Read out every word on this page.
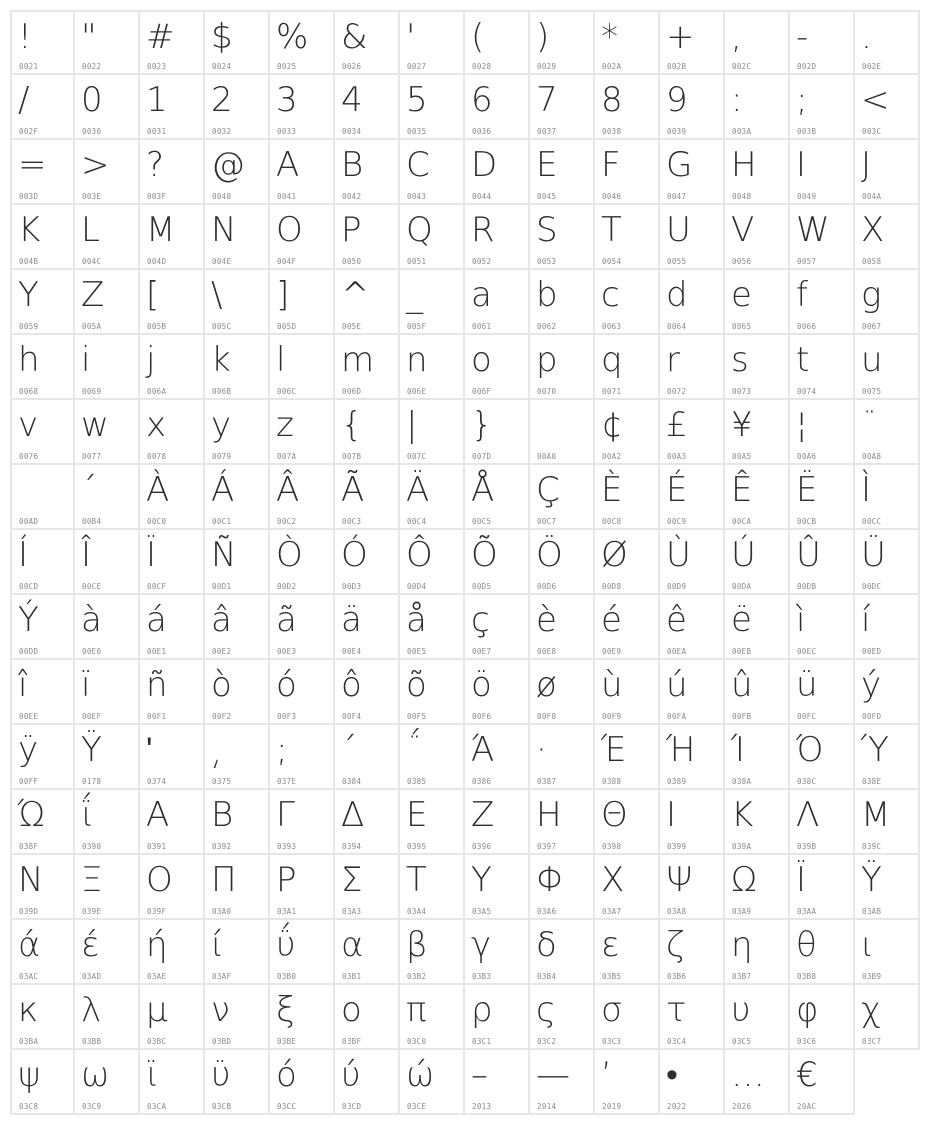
!
0021
"
0022
#
0023
$
0024
%
0025
&
0026
'
0027
(
0028
)
0029
*
002A
+
002B
,
002C
-
002D
.
002E
/
002F
0
0030
1
0031
2
0032
3
0033
4
0034
5
0035
6
0036
7
0037
8
0038
9
0039
:
003A
;
003B
<
003C
=
003D
>
003E
?
003F
@
0040
A
0041
B
0042
C
0043
D
0044
E
0045
F
0046
G
0047
H
0048
I
0049
J
004A
K
004B
L
004C
M
004D
N
004E
O
004F
P
0050
Q
0051
R
0052
S
0053
T
0054
U
0055
V
0056
W
0057
X
0058
Y
0059
Z
005A
[
005B
\
005C
]
005D
^
005E
_
005F
a
0061
b
0062
c
0063
d
0064
e
0065
f
0066
g
0067
h
0068
i
0069
j
006A
k
006B
l
006C
m
006D
n
006E
o
006F
p
0070
q
0071
r
0072
s
0073
t
0074
u
0075
v
0076
w
0077
x
0078
y
0079
z
007A
{
007B
|
007C
}
007D
	00A0
¢
00A2
£
00A3
¥
00A5
¦
00A6
¨
00A8

00AD
´
00B4
À
00C0
Á
00C1
Â
00C2
Ã
00C3
Ä
00C4
Å
00C5
Ç
00C7
È
00C8
É
00C9
Ê
00CA
Ë
00CB
Ì
00CC
Í
00CD
Î
00CE
Ï
00CF
Ñ
00D1
Ò
00D2
Ó
00D3
Ô
00D4
Õ
00D5
Ö
00D6
Ø
00D8
Ù
00D9
Ú
00DA
Û
00DB
Ü
00DC
Ý
00DD
à
00E0
á
00E1
â
00E2
ã
00E3
ä
00E4
å
00E5
ç
00E7
è
00E8
é
00E9
ê
00EA
ë
00EB
ì
00EC
í
00ED
î
00EE
ï
00EF
ñ
00F1
ò
00F2
ó
00F3
ô
00F4
õ
00F5
ö
00F6
ø
00F8
ù
00F9
ú
00FA
û
00FB
ü
00FC
ý
00FD
ÿ
00FF
Ÿ
0178
ʹ
0374
͵
0375
;
037E
΄
0384
΅
0385
Ά
0386
·
0387
Έ
0388
Ή
0389
Ί
038A
Ό
038C
Ύ
038E
Ώ
038F
ΐ
0390
Α
0391
Β
0392
Γ
0393
Δ
0394
Ε
0395
Ζ
0396
Η
0397
Θ
0398
Ι
0399
Κ
039A
Λ
039B
Μ
039C
Ν
039D
Ξ
039E
Ο
039F
Π
03A0
Ρ
03A1
Σ
03A3
Τ
03A4
Υ
03A5
Φ
03A6
Χ
03A7
Ψ
03A8
Ω
03A9
Ϊ
03AA
Ϋ
03AB
ά
03AC
έ
03AD
ή
03AE
ί
03AF
ΰ
03B0
α
03B1
β
03B2
γ
03B3
δ
03B4
ε
03B5
ζ
03B6
η
03B7
θ
03B8
ι
03B9
κ
03BA
λ
03BB
μ
03BC
ν
03BD
ξ
03BE
ο
03BF
π
03C0
ρ
03C1
ς
03C2
σ
03C3
τ
03C4
υ
03C5
φ
03C6
χ
03C7
ψ
03C8
ω
03C9
ϊ
03CA
ϋ
03CB
ό
03CC
ύ
03CD
ώ
03CE
–
2013
—
2014
’
2019
•
2022
…
2026
€
20AC
